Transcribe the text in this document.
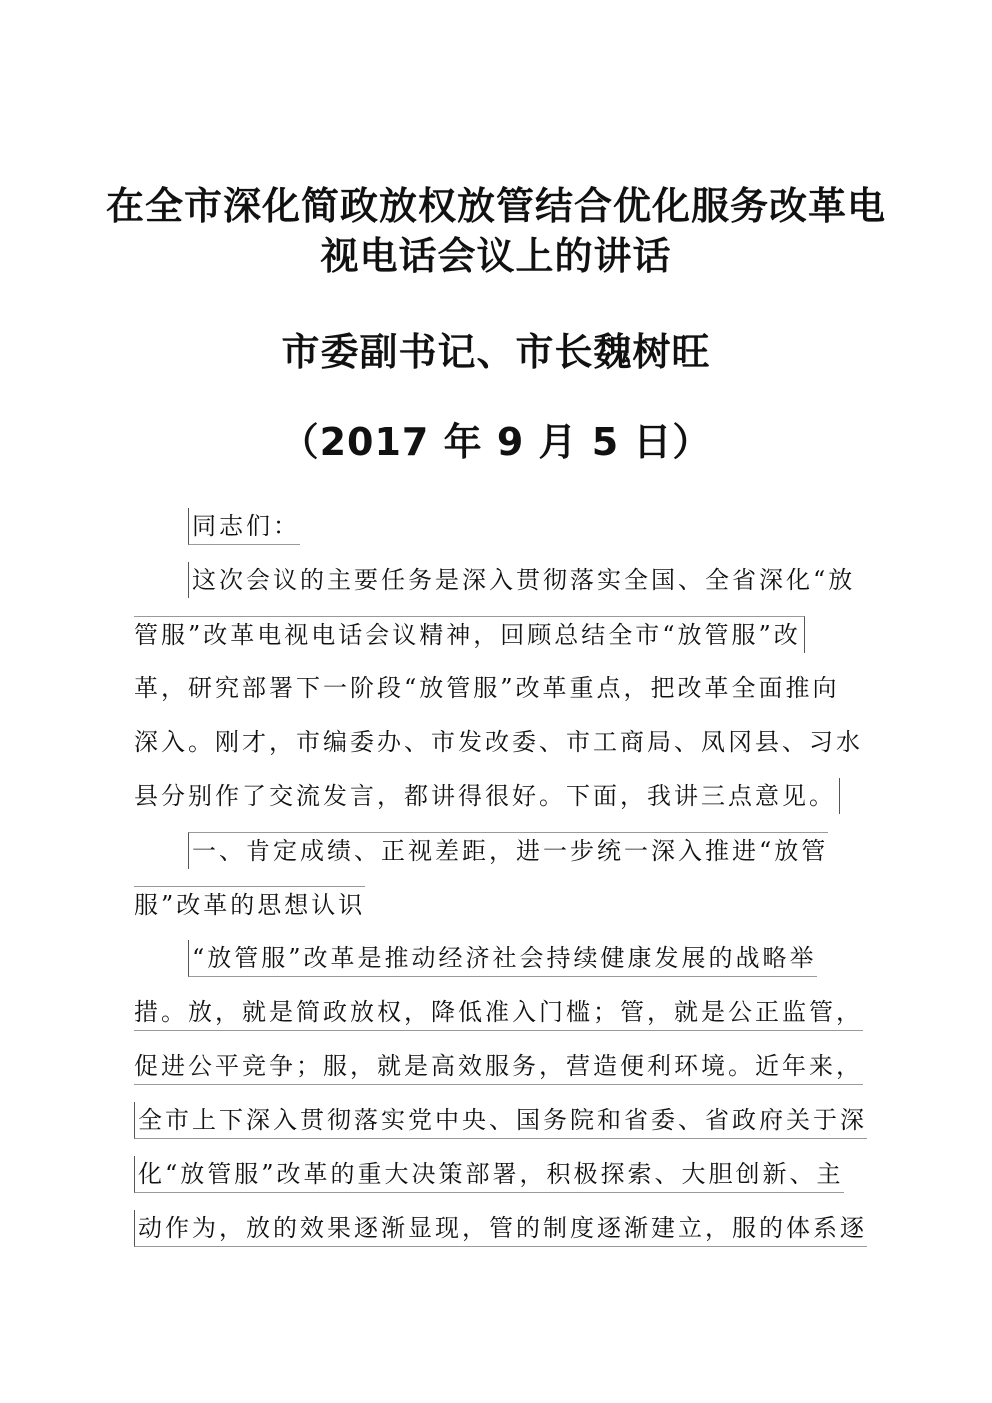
在全市深化简政放权放管结合优化服务改革电
视电话会议上的讲话
市委副书记、市长魏树旺
（2017 年 9 月 5 日）
同志们：
这次会议的主要任务是深入贯彻落实全国、全省深化“放
管服”改革电视电话会议精神，回顾总结全市“放管服”改
革，研究部署下一阶段“放管服”改革重点，把改革全面推向
深入。刚才，市编委办、市发改委、市工商局、凤冈县、习水
县分别作了交流发言，都讲得很好。下面，我讲三点意见。
一、肯定成绩、正视差距，进一步统一深入推进“放管
服”改革的思想认识
“放管服”改革是推动经济社会持续健康发展的战略举
措。放，就是简政放权，降低准入门槛；管，就是公正监管，
促进公平竞争；服，就是高效服务，营造便利环境。近年来，
全市上下深入贯彻落实党中央、国务院和省委、省政府关于深
化“放管服”改革的重大决策部署，积极探索、大胆创新、主
动作为，放的效果逐渐显现，管的制度逐渐建立，服的体系逐
